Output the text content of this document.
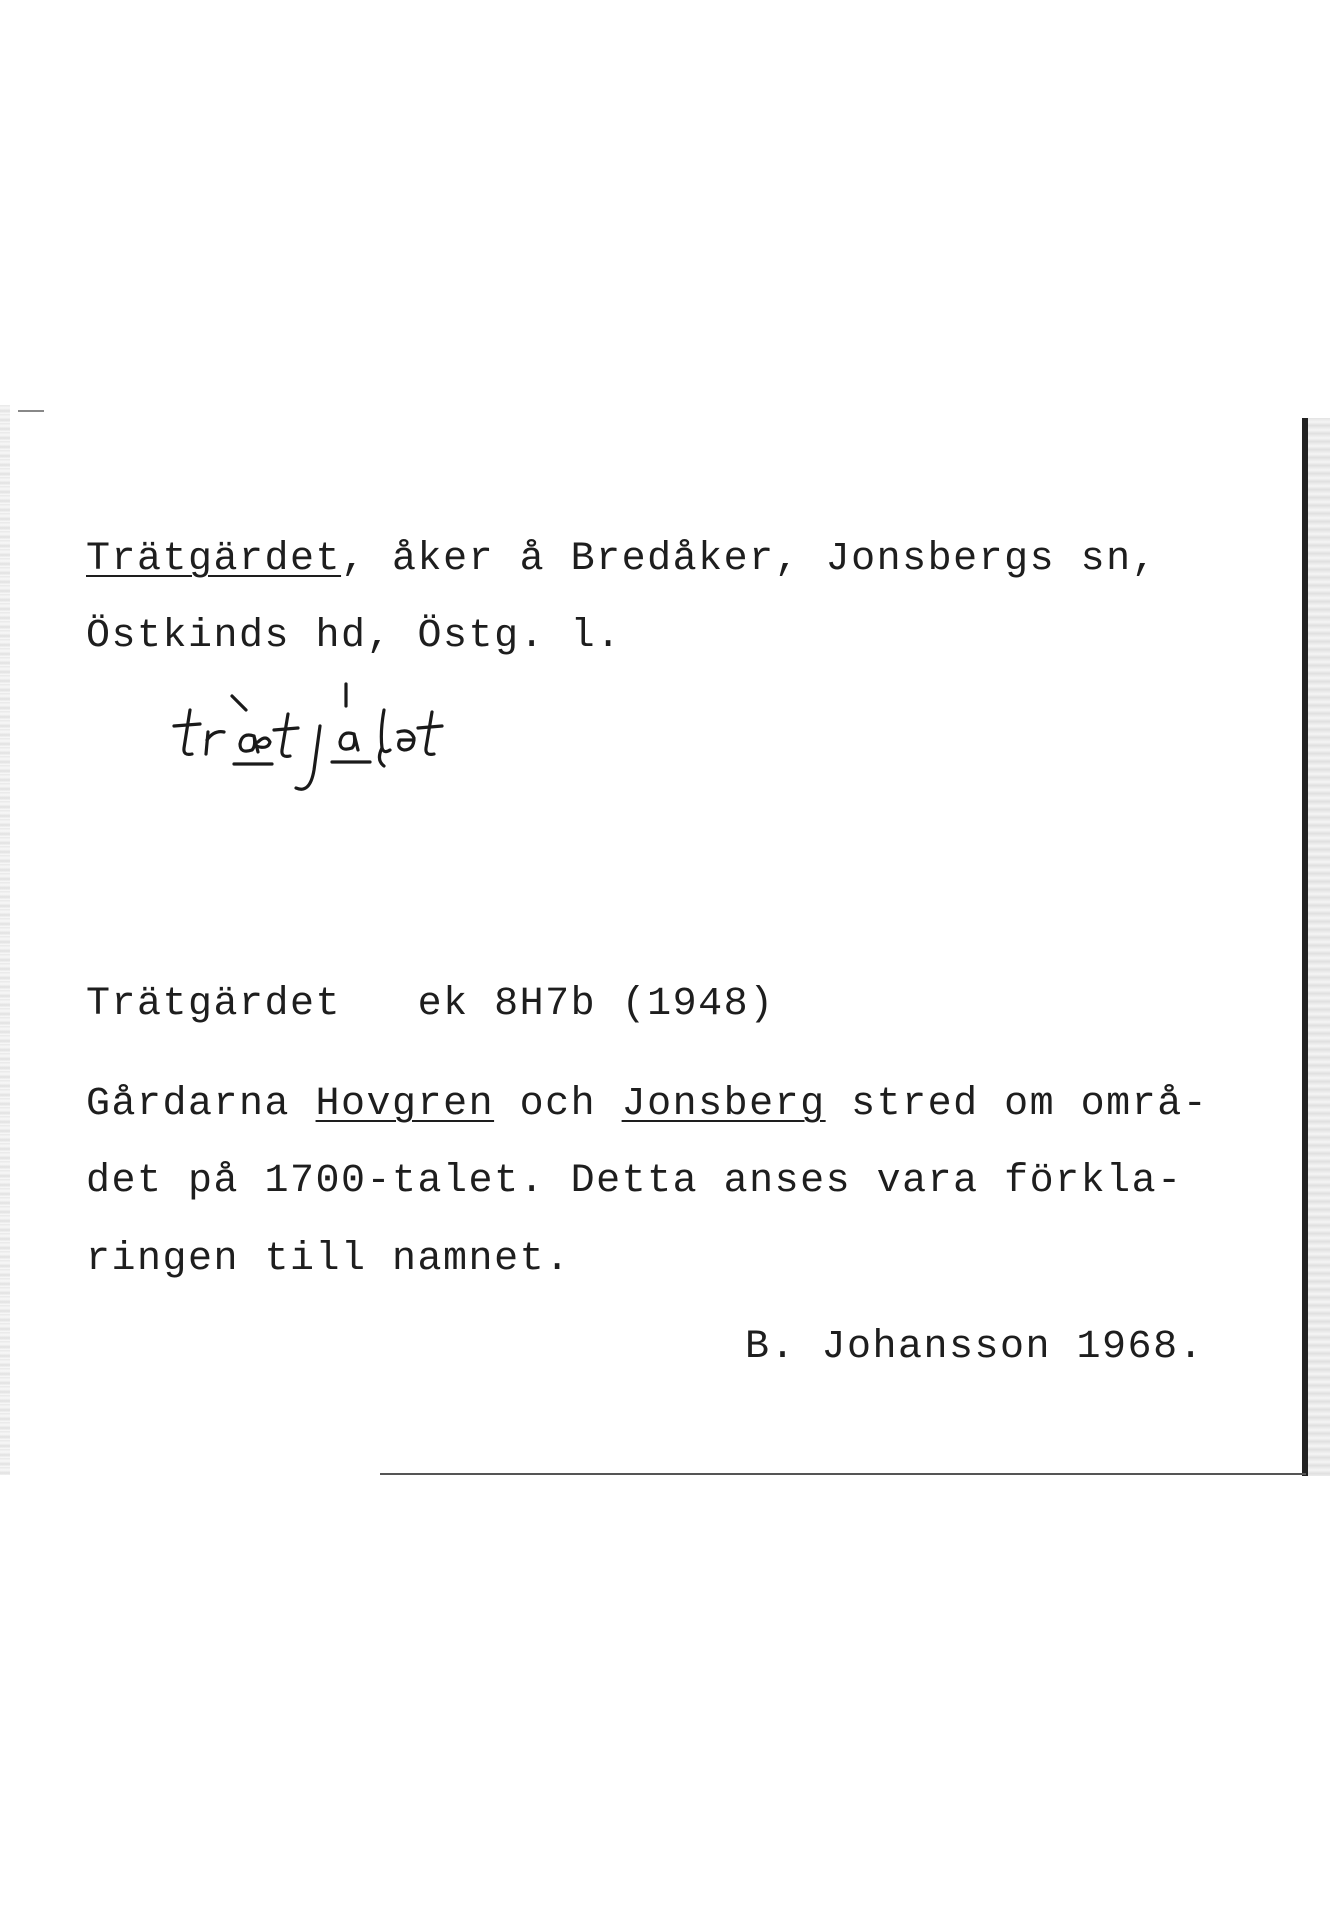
Trätgärdet, åker å Bredåker, Jonsbergs sn,
Östkinds hd, Östg. l.
Trätgärdet ek 8H7b (1948)
Gårdarna Hovgren och Jonsberg stred om områ-
det på 1700-talet. Detta anses vara förkla-
ringen till namnet.
B. Johansson 1968.
